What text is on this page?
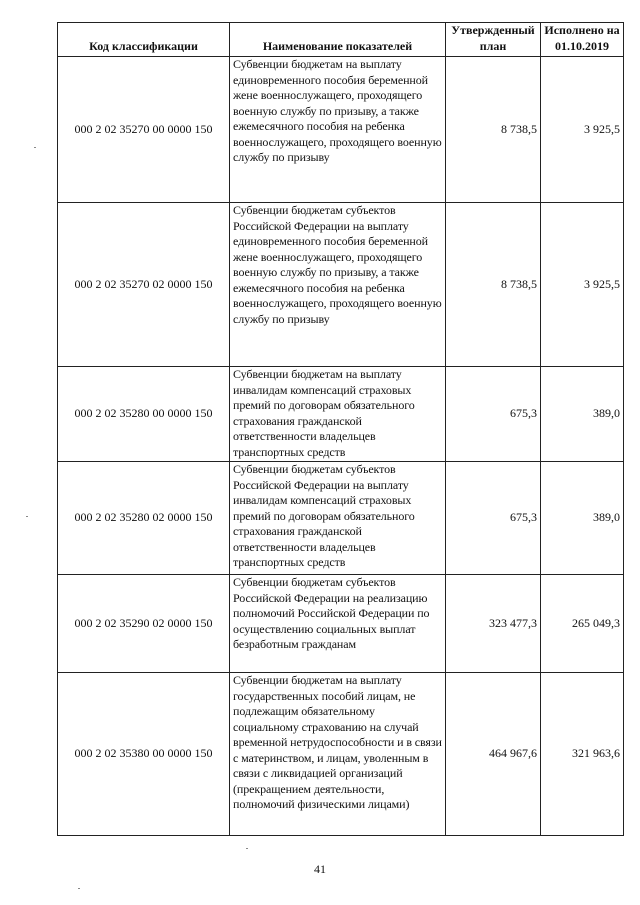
Код классификации	Наименование показателей	Утвержденный план	Исполнено на 01.10.2019
000 2 02 35270 00 0000 150	Субвенции бюджетам на выплату единовременного пособия беременной жене военнослужащего, проходящего военную службу по призыву, а также ежемесячного пособия на ребенка военнослужащего, проходящего военную службу по призыву	8 738,5	3 925,5
000 2 02 35270 02 0000 150	Субвенции бюджетам субъектов Российской Федерации на выплату единовременного пособия беременной жене военнослужащего, проходящего военную службу по призыву, а также ежемесячного пособия на ребенка военнослужащего, проходящего военную службу по призыву	8 738,5	3 925,5
000 2 02 35280 00 0000 150	Субвенции бюджетам на выплату инвалидам компенсаций страховых премий по договорам обязательного страхования гражданской ответственности владельцев транспортных средств	675,3	389,0
000 2 02 35280 02 0000 150	Субвенции бюджетам субъектов Российской Федерации на выплату инвалидам компенсаций страховых премий по договорам обязательного страхования гражданской ответственности владельцев транспортных средств	675,3	389,0
000 2 02 35290 02 0000 150	Субвенции бюджетам субъектов Российской Федерации на реализацию полномочий Российской Федерации по осуществлению социальных выплат безработным гражданам	323 477,3	265 049,3
000 2 02 35380 00 0000 150	Субвенции бюджетам на выплату государственных пособий лицам, не подлежащим обязательному социальному страхованию на случай временной нетрудоспособности и в связи с материнством, и лицам, уволенным в связи с ликвидацией организаций (прекращением деятельности, полномочий физическими лицами)	464 967,6	321 963,6
41
